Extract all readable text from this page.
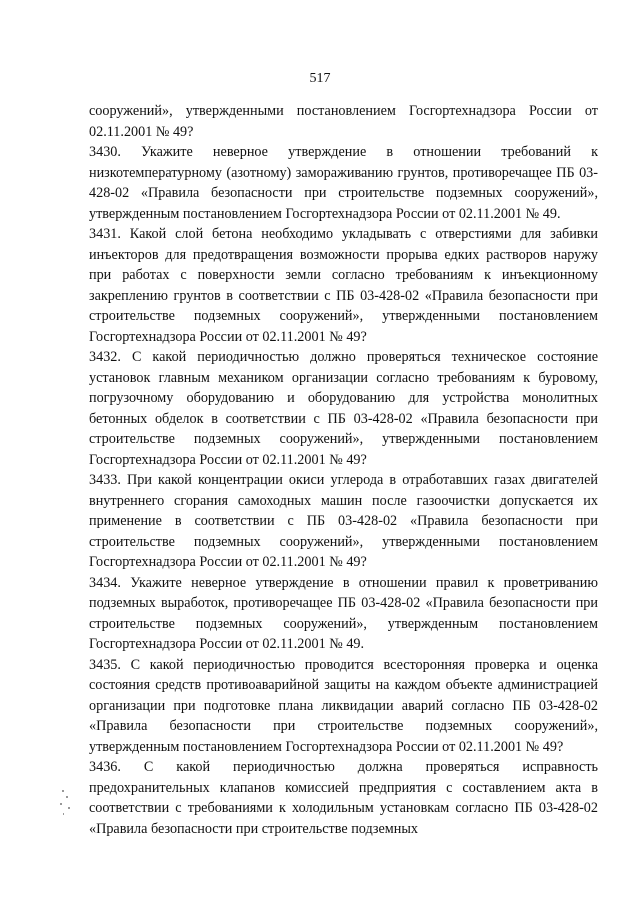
517

сооружений», утвержденными постановлением Госгортехнадзора России от 02.11.2001 № 49?

3430. Укажите неверное утверждение в отношении требований к низкотемпературному (азотному) замораживанию грунтов, противоречащее ПБ 03-428-02 «Правила безопасности при строительстве подземных сооружений», утвержденным постановлением Госгортехнадзора России от 02.11.2001 № 49.

3431. Какой слой бетона необходимо укладывать с отверстиями для забивки инъекторов для предотвращения возможности прорыва едких растворов наружу при работах с поверхности земли согласно требованиям к инъекционному закреплению грунтов в соответствии с ПБ 03-428-02 «Правила безопасности при строительстве подземных сооружений», утвержденными постановлением Госгортехнадзора России от 02.11.2001 № 49?

3432. С какой периодичностью должно проверяться техническое состояние установок главным механиком организации согласно требованиям к буровому, погрузочному оборудованию и оборудованию для устройства монолитных бетонных обделок в соответствии с ПБ 03-428-02 «Правила безопасности при строительстве подземных сооружений», утвержденными постановлением Госгортехнадзора России от 02.11.2001 № 49?

3433. При какой концентрации окиси углерода в отработавших газах двигателей внутреннего сгорания самоходных машин после газоочистки допускается их применение в соответствии с ПБ 03-428-02 «Правила безопасности при строительстве подземных сооружений», утвержденными постановлением Госгортехнадзора России от 02.11.2001 № 49?

3434. Укажите неверное утверждение в отношении правил к проветриванию подземных выработок, противоречащее ПБ 03-428-02 «Правила безопасности при строительстве подземных сооружений», утвержденным постановлением Госгортехнадзора России от 02.11.2001 № 49.

3435. С какой периодичностью проводится всесторонняя проверка и оценка состояния средств противоаварийной защиты на каждом объекте администрацией организации при подготовке плана ликвидации аварий согласно ПБ 03-428-02 «Правила безопасности при строительстве подземных сооружений», утвержденным постановлением Госгортехнадзора России от 02.11.2001 № 49?

3436. С какой периодичностью должна проверяться исправность предохранительных клапанов комиссией предприятия с составлением акта в соответствии с требованиями к холодильным установкам согласно ПБ 03-428-02 «Правила безопасности при строительстве подземных
